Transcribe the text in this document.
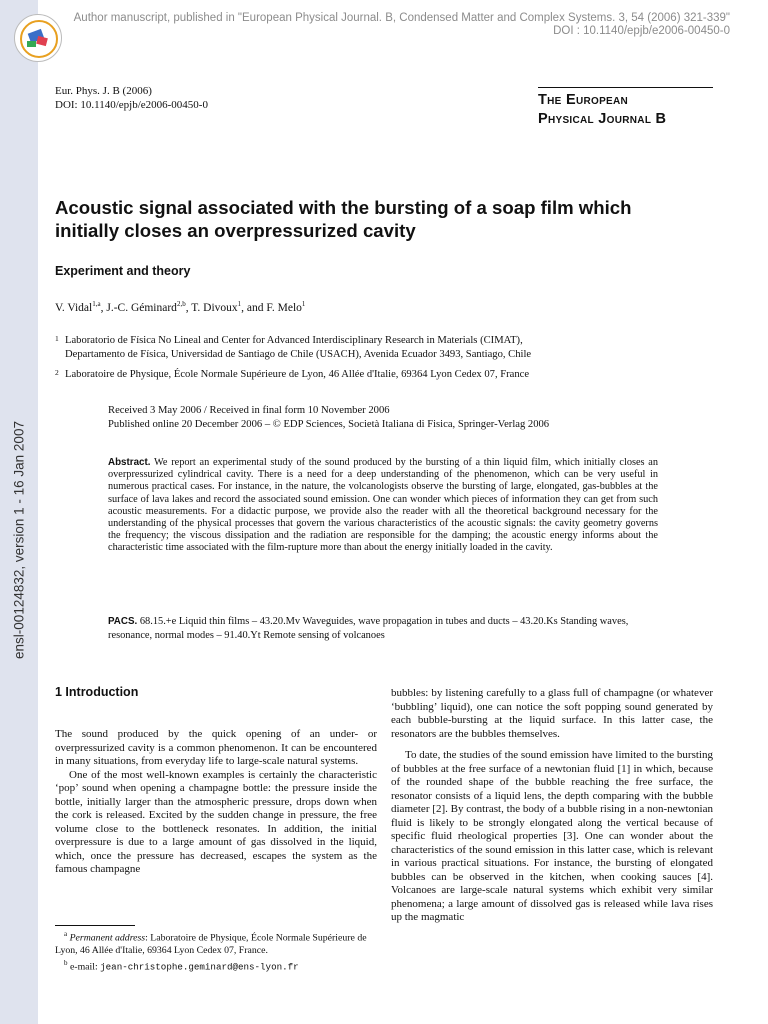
ensl-00124832, version 1 - 16 Jan 2007
Author manuscript, published in "European Physical Journal. B, Condensed Matter and Complex Systems. 3, 54 (2006) 321-339"
DOI : 10.1140/epjb/e2006-00450-0
Eur. Phys. J. B (2006)
DOI: 10.1140/epjb/e2006-00450-0	The European
Physical Journal B
Acoustic signal associated with the bursting of a soap film which
initially closes an overpressurized cavity
Experiment and theory
V. Vidal$^{1,a}$, J.-C. Géminard$^{2,b}$, T. Divoux$^1$, and F. Melo$^1$
1 Laboratorio de Física No Lineal and Center for Advanced Interdisciplinary Research in Materials (CIMAT),
Departamento de Física, Universidad de Santiago de Chile (USACH), Avenida Ecuador 3493, Santiago, Chile
2 Laboratoire de Physique, École Normale Supérieure de Lyon, 46 Allée d'Italie, 69364 Lyon Cedex 07, France
Received 3 May 2006 / Received in final form 10 November 2006
Published online 20 December 2006 – © EDP Sciences, Società Italiana di Fisica, Springer-Verlag 2006
Abstract. We report an experimental study of the sound produced by the bursting of a thin liquid film, which initially closes an overpressurized cylindrical cavity. There is a need for a deep understanding of the phenomenon, which can be very useful in numerous practical cases. For instance, in the nature, the volcanologists observe the bursting of large, elongated, gas-bubbles at the surface of lava lakes and record the associated sound emission. One can wonder which pieces of information they can get from such acoustic measurements. For a didactic purpose, we provide also the reader with all the theoretical background necessary for the understanding of the physical processes that govern the various characteristics of the acoustic signals: the cavity geometry governs the frequency; the viscous dissipation and the radiation are responsible for the damping; the acoustic energy informs about the characteristic time associated with the film-rupture more than about the energy initially loaded in the cavity.
PACS. 68.15.+e Liquid thin films – 43.20.Mv Waveguides, wave propagation in tubes and ducts – 43.20.Ks Standing waves, resonance, normal modes – 91.40.Yt Remote sensing of volcanoes
1 Introduction

The sound produced by the quick opening of an under- or overpressurized cavity is a common phenomenon. It can be encountered in many situations, from everyday life to large-scale natural systems.

One of the most well-known examples is certainly the characteristic ‘pop’ sound when opening a champagne bottle: the pressure inside the bottle, initially larger than the atmospheric pressure, drops down when the cork is released. Excited by the sudden change in pressure, the free volume close to the bottleneck resonates. In addition, the initial overpressure is due to a large amount of gas dissolved in the liquid, which, once the pressure has decreased, escapes the system as the famous champagne

bubbles: by listening carefully to a glass full of champagne (or whatever ‘bubbling’ liquid), one can notice the soft popping sound generated by each bubble-bursting at the liquid surface. In this latter case, the resonators are the bubbles themselves.

To date, the studies of the sound emission have limited to the bursting of bubbles at the free surface of a newtonian fluid [1] in which, because of the rounded shape of the bubble reaching the free surface, the resonator consists of a liquid lens, the depth comparing with the bubble diameter [2]. By contrast, the body of a bubble rising in a non-newtonian fluid is likely to be strongly elongated along the vertical because of specific fluid rheological properties [3]. One can wonder about the characteristics of the sound emission in this latter case, which is relevant in various practical situations. For instance, the bursting of elongated bubbles can be observed in the kitchen, when cooking sauces [4]. Volcanoes are large-scale natural systems which exhibit very similar phenomena; a large amount of dissolved gas is released while lava rises up the magmatic

$^a$ Permanent address: Laboratoire de Physique, École Normale Supérieure de Lyon, 46 Allée d'Italie, 69364 Lyon Cedex 07, France.
$^b$ e-mail: jean-christophe.geminard@ens-lyon.fr
